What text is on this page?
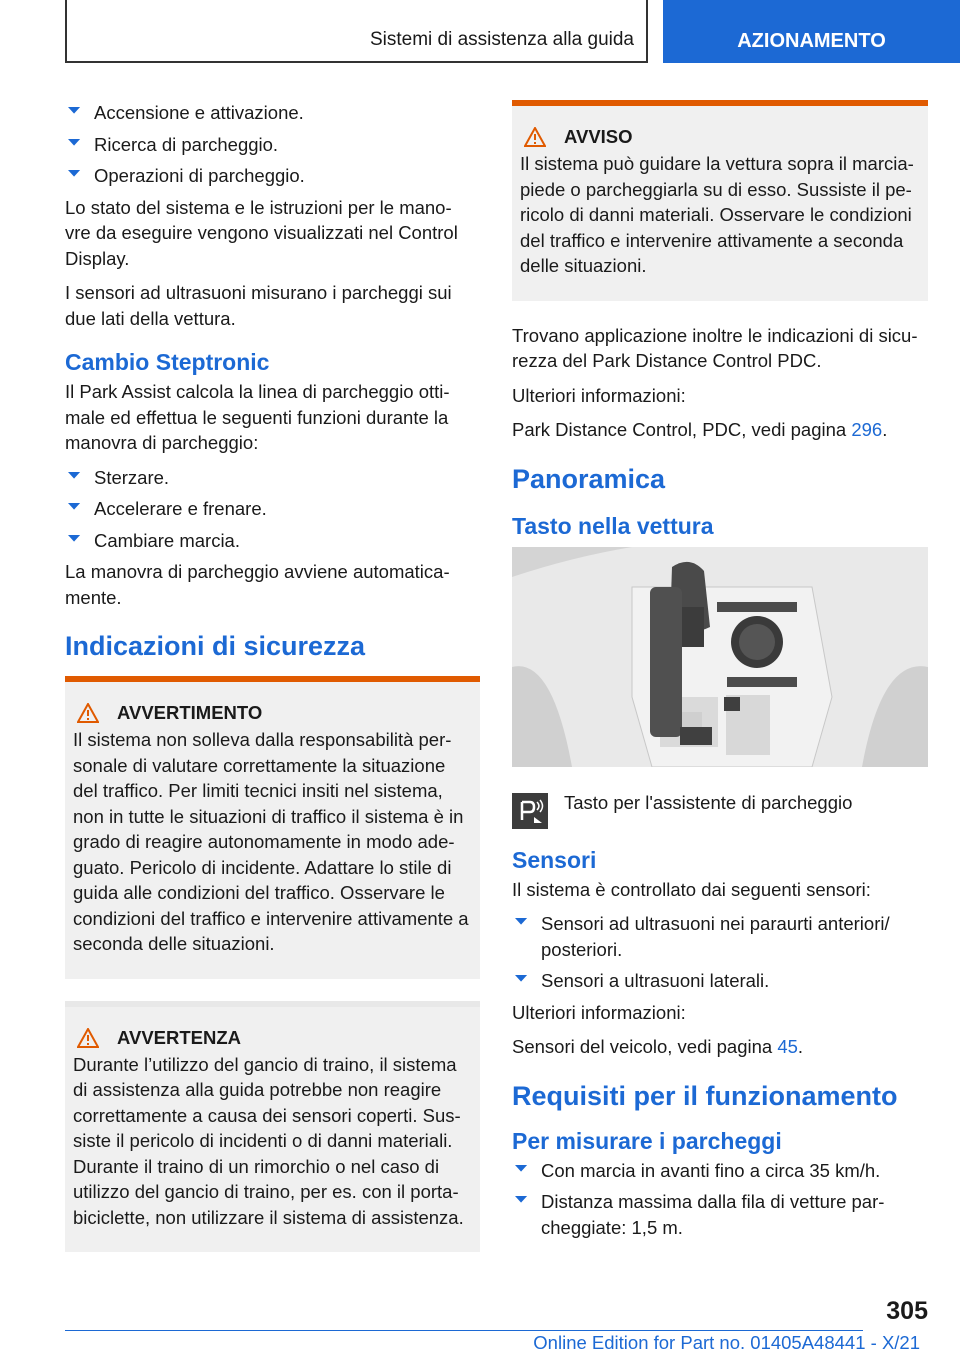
Sistemi di assistenza alla guida	AZIONAMENTO
Accensione e attivazione.
Ricerca di parcheggio.
Operazioni di parcheggio.

Lo stato del sistema e le istruzioni per le mano- vre da eseguire vengono visualizzati nel Control Display.

I sensori ad ultrasuoni misurano i parcheggi sui due lati della vettura.

Cambio Steptronic

Il Park Assist calcola la linea di parcheggio otti- male ed effettua le seguenti funzioni durante la manovra di parcheggio:

Sterzare.
Accelerare e frenare.
Cambiare marcia.

La manovra di parcheggio avviene automatica- mente.

Indicazioni di sicurezza
AVVERTIMENTO

Il sistema non solleva dalla responsabilità per- sonale di valutare correttamente la situazione del traffico. Per limiti tecnici insiti nel sistema, non in tutte le situazioni di traffico il sistema è in grado di reagire autonomamente in modo ade- guato. Pericolo di incidente. Adattare lo stile di guida alle condizioni del traffico. Osservare le condizioni del traffico e intervenire attivamente a seconda delle situazioni.

AVVERTENZA

Durante l’utilizzo del gancio di traino, il sistema di assistenza alla guida potrebbe non reagire correttamente a causa dei sensori coperti. Sus- siste il pericolo di incidenti o di danni materiali. Durante il traino di un rimorchio o nel caso di utilizzo del gancio di traino, per es. con il porta- biciclette, non utilizzare il sistema di assistenza.

AVVISO

Il sistema può guidare la vettura sopra il marcia- piede o parcheggiarla su di esso. Sussiste il pe- ricolo di danni materiali. Osservare le condizioni del traffico e intervenire attivamente a seconda delle situazioni.

Trovano applicazione inoltre le indicazioni di sicu- rezza del Park Distance Control PDC.

Ulteriori informazioni:

Park Distance Control, PDC, vedi pagina 296.

Panoramica
Tasto nella vettura

Tasto per l'assistente di parcheggio

Sensori

Il sistema è controllato dai seguenti sensori:

Sensori ad ultrasuoni nei paraurti anteriori/ posteriori.
Sensori a ultrasuoni laterali.

Ulteriori informazioni:

Sensori del veicolo, vedi pagina 45.

Requisiti per il funzionamento
Per misurare i parcheggi
Con marcia in avanti fino a circa 35 km/h.
Distanza massima dalla fila di vetture par- cheggiate: 1,5 m.
305
Online Edition for Part no. 01405A48441 - X/21
